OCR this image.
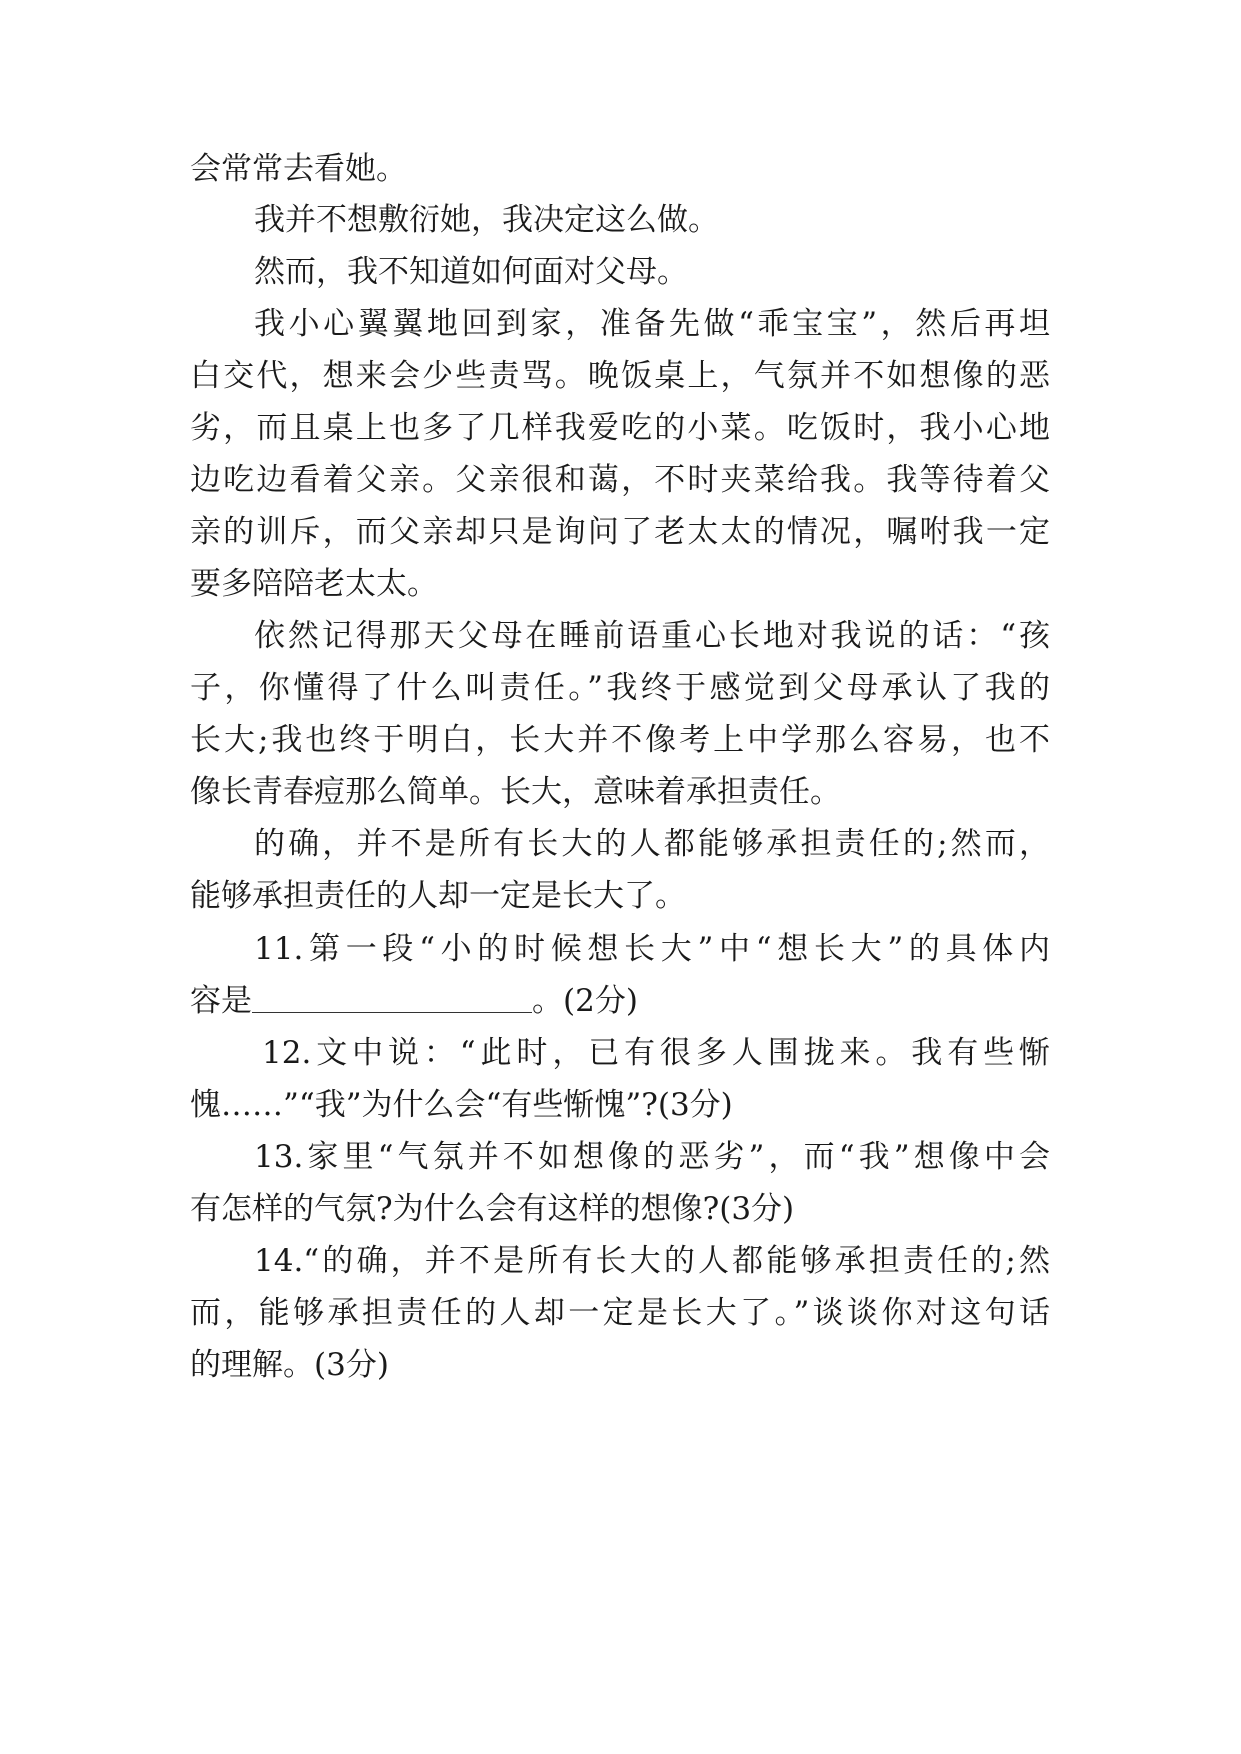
会常常去看她。
我并不想敷衍她，我决定这么做。
然而，我不知道如何面对父母。
我小心翼翼地回到家，准备先做“乖宝宝”，然后再坦
白交代，想来会少些责骂。晚饭桌上，气氛并不如想像的恶
劣，而且桌上也多了几样我爱吃的小菜。吃饭时，我小心地
边吃边看着父亲。父亲很和蔼，不时夹菜给我。我等待着父
亲的训斥，而父亲却只是询问了老太太的情况，嘱咐我一定
要多陪陪老太太。
依然记得那天父母在睡前语重心长地对我说的话：“孩
子，你懂得了什么叫责任。”我终于感觉到父母承认了我的
长大;我也终于明白，长大并不像考上中学那么容易，也不
像长青春痘那么简单。长大，意味着承担责任。
的确，并不是所有长大的人都能够承担责任的;然而，
能够承担责任的人却一定是长大了。
11.第一段“小的时候想长大”中“想长大”的具体内
容是	。(2分)
12.文中说：“此时，已有很多人围拢来。我有些惭
愧……”“我”为什么会“有些惭愧”?(3分)
13.家里“气氛并不如想像的恶劣”，而“我”想像中会
有怎样的气氛?为什么会有这样的想像?(3分)
14.“的确，并不是所有长大的人都能够承担责任的;然
而，能够承担责任的人却一定是长大了。”谈谈你对这句话
的理解。(3分)
